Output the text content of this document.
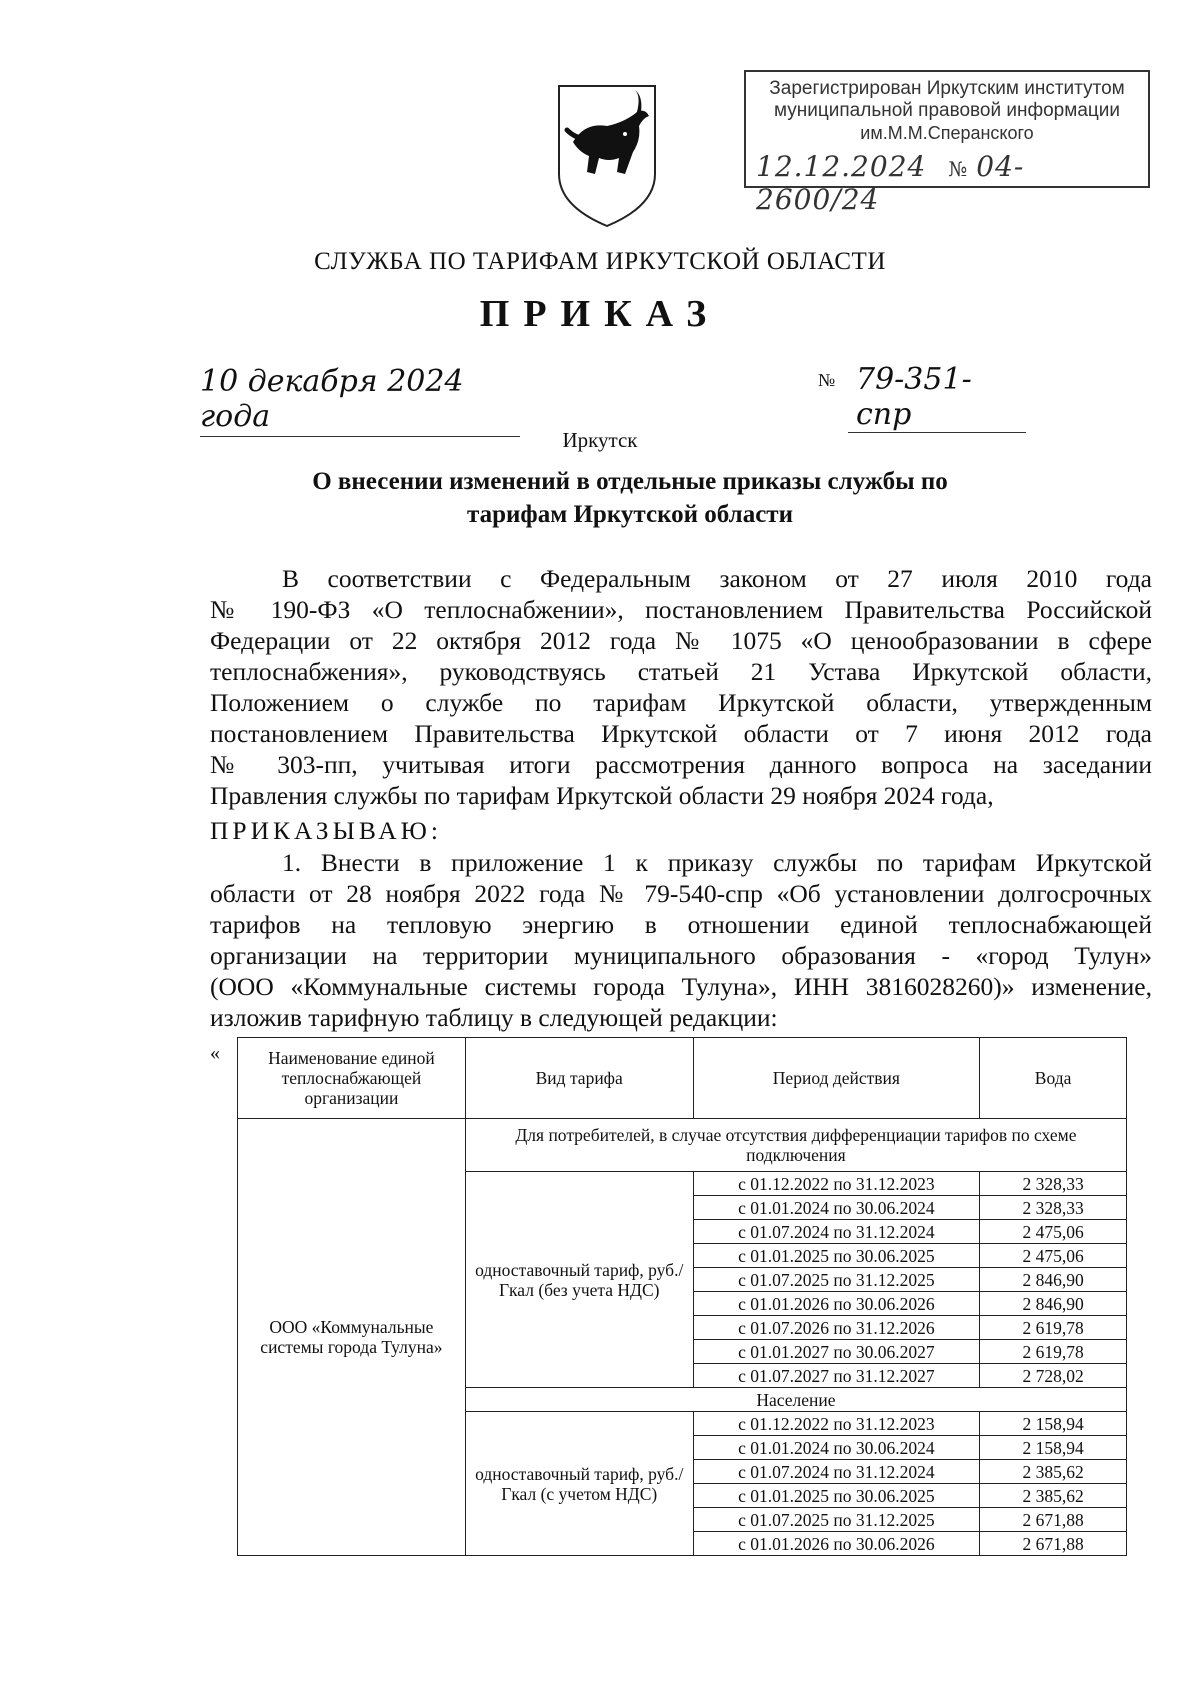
Зарегистрирован Иркутским институтом
муниципальной правовой информации
им.М.М.Сперанского
12.12.2024 № 04-2600/24
СЛУЖБА ПО ТАРИФАМ ИРКУТСКОЙ ОБЛАСТИ
ПРИКАЗ
10 декабря 2024 года
№ 79-351-спр
Иркутск
О внесении изменений в отдельные приказы службы по тарифам Иркутской области
В соответствии с Федеральным законом от 27 июля 2010 года
№ 190-ФЗ «О теплоснабжении», постановлением Правительства Российской
Федерации от 22 октября 2012 года № 1075 «О ценообразовании в сфере
теплоснабжения», руководствуясь статьей 21 Устава Иркутской области,
Положением о службе по тарифам Иркутской области, утвержденным
постановлением Правительства Иркутской области от 7 июня 2012 года
№ 303-пп, учитывая итоги рассмотрения данного вопроса на заседании
Правления службы по тарифам Иркутской области 29 ноября 2024 года,
ПРИКАЗЫВАЮ:
1. Внести в приложение 1 к приказу службы по тарифам Иркутской
области от 28 ноября 2022 года № 79-540-спр «Об установлении долгосрочных
тарифов на тепловую энергию в отношении единой теплоснабжающей
организации на территории муниципального образования - «город Тулун»
(ООО «Коммунальные системы города Тулуна», ИНН 3816028260)» изменение,
изложив тарифную таблицу в следующей редакции:
«	Наименование единой теплоснабжающей организации	Вид тарифа	Период действия	Вода
ООО «Коммунальные системы города Тулуна»	Для потребителей, в случае отсутствия дифференциации тарифов по схеме подключения		
	одноставочный тариф, руб./Гкал (без учета НДС)	с 01.12.2022 по 31.12.2023	2 328,33
		с 01.01.2024 по 30.06.2024	2 328,33
		с 01.07.2024 по 31.12.2024	2 475,06
		с 01.01.2025 по 30.06.2025	2 475,06
		с 01.07.2025 по 31.12.2025	2 846,90
		с 01.01.2026 по 30.06.2026	2 846,90
		с 01.07.2026 по 31.12.2026	2 619,78
		с 01.01.2027 по 30.06.2027	2 619,78
		с 01.07.2027 по 31.12.2027	2 728,02
	Население		
	одноставочный тариф, руб./Гкал (с учетом НДС)	с 01.12.2022 по 31.12.2023	2 158,94
		с 01.01.2024 по 30.06.2024	2 158,94
		с 01.07.2024 по 31.12.2024	2 385,62
		с 01.01.2025 по 30.06.2025	2 385,62
		с 01.07.2025 по 31.12.2025	2 671,88
		с 01.01.2026 по 30.06.2026	2 671,88
